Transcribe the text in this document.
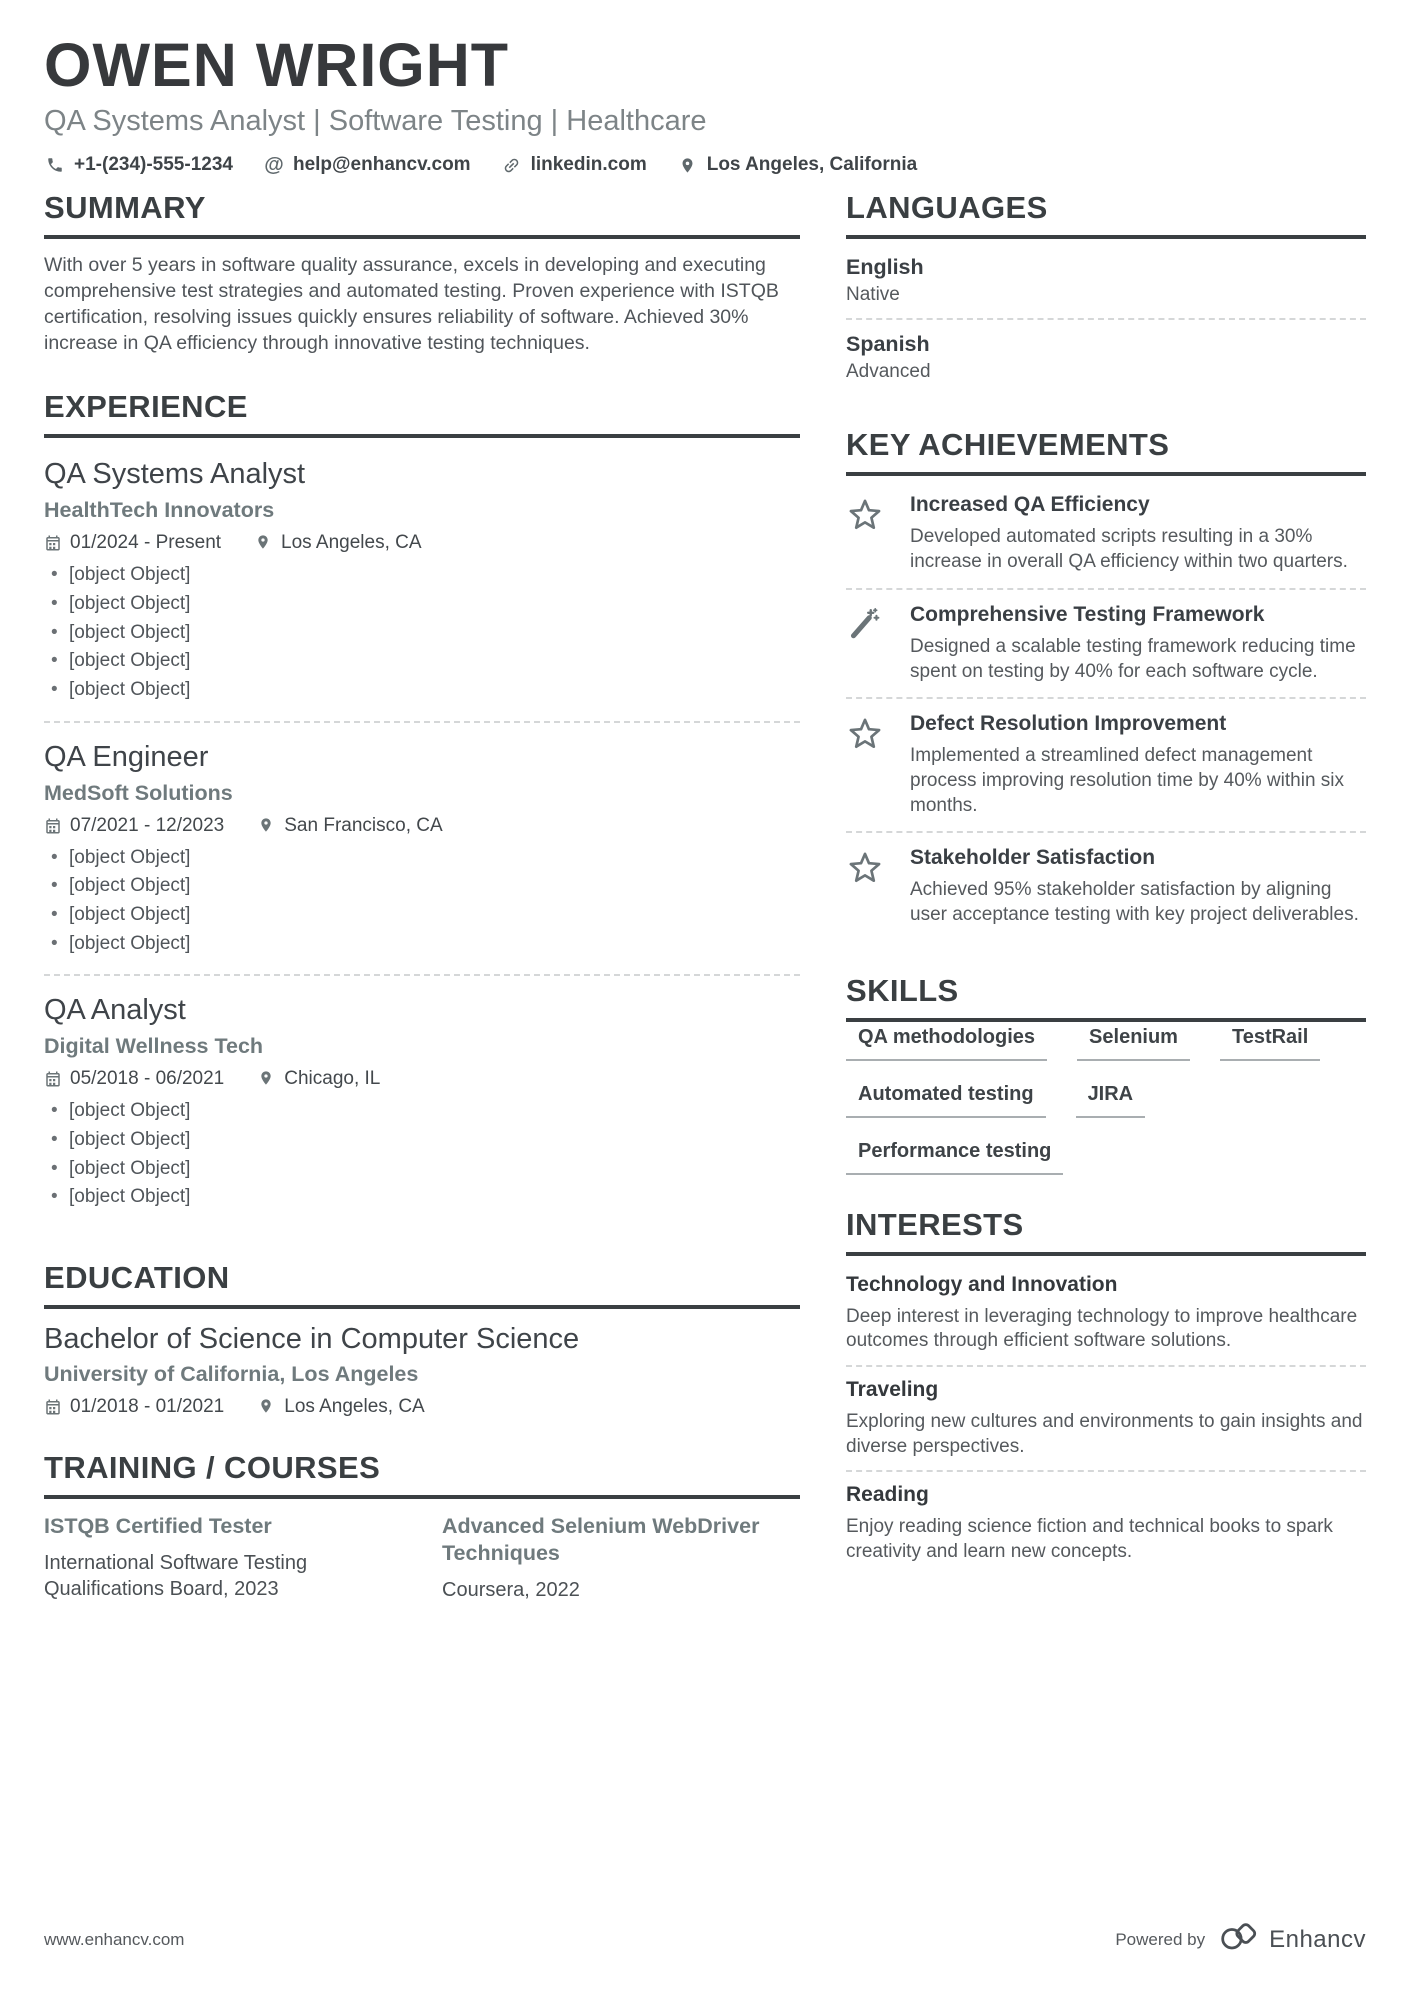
OWEN WRIGHT

QA Systems Analyst | Software Testing | Healthcare

+1-(234)-555-1234 @ help@enhancv.com	linkedin.com	Los Angeles, California
SUMMARY

With over 5 years in software quality assurance, excels in developing and executing comprehensive test strategies and automated testing. Proven experience with ISTQB certification, resolving issues quickly ensures reliability of software. Achieved 30% increase in QA efficiency through innovative testing techniques.

EXPERIENCE
QA Systems Analyst

HealthTech Innovators

01/2024 - Present	Los Angeles, CA
• [object Object]
• [object Object]
• [object Object]
• [object Object]
• [object Object]
QA Engineer

MedSoft Solutions

07/2021 - 12/2023	San Francisco, CA
• [object Object]
• [object Object]
• [object Object]
• [object Object]
QA Analyst

Digital Wellness Tech

05/2018 - 06/2021	Chicago, IL
• [object Object]
• [object Object]
• [object Object]
• [object Object]
EDUCATION
Bachelor of Science in Computer Science

University of California, Los Angeles

01/2018 - 01/2021	Los Angeles, CA
TRAINING / COURSES

ISTQB Certified Tester

International Software Testing Qualifications Board, 2023

Advanced Selenium WebDriver Techniques

Coursera, 2022

LANGUAGES

English

Native

Spanish

Advanced

KEY ACHIEVEMENTS

Increased QA Efficiency

Developed automated scripts resulting in a 30% increase in overall QA efficiency within two quarters.

Comprehensive Testing Framework

Designed a scalable testing framework reducing time spent on testing by 40% for each software cycle.

Defect Resolution Improvement

Implemented a streamlined defect management process improving resolution time by 40% within six months.

Stakeholder Satisfaction

Achieved 95% stakeholder satisfaction by aligning user acceptance testing with key project deliverables.

SKILLS
QA methodologies	Selenium	TestRail
Automated testing	JIRA
Performance testing
INTERESTS

Technology and Innovation

Deep interest in leveraging technology to improve healthcare outcomes through efficient software solutions.

Traveling

Exploring new cultures and environments to gain insights and diverse perspectives.

Reading

Enjoy reading science fiction and technical books to spark creativity and learn new concepts.

www.enhancv.com	Powered by	Enhancv
